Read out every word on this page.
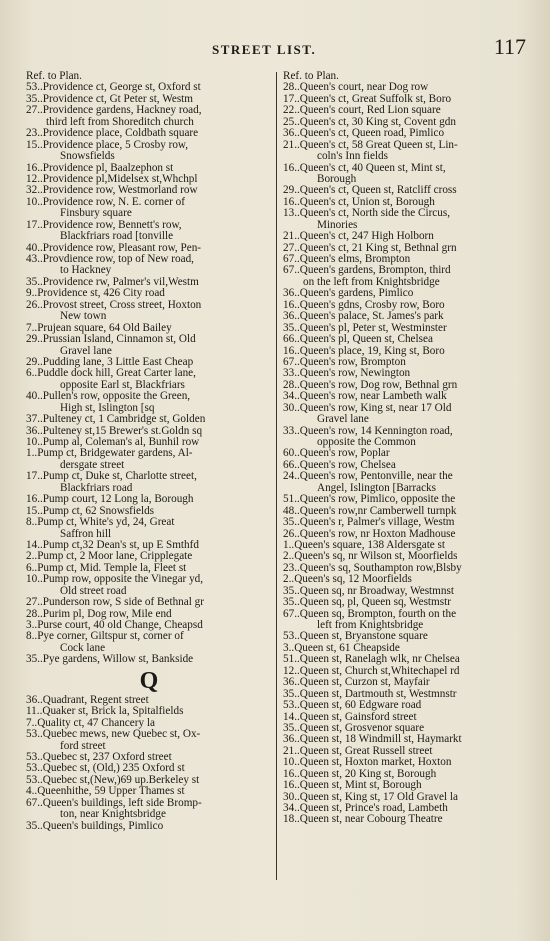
STREET LIST.	117
Ref. to Plan.
53..Providence ct, George st, Oxford st
35..Providence ct, Gt Peter st, Westm
27..Providence gardens, Hackney road,
third left from Shoreditch church
23..Providence place, Coldbath square
15..Providence place, 5 Crosby row,
Snowsfields
16..Providence pl, Baalzephon st
12..Providence pl,Midelsex st,Whchpl
32..Providence row, Westmorland row
10..Providence row, N. E. corner of
Finsbury square
17..Providence row, Bennett's row,
Blackfriars road [tonville
40..Providence row, Pleasant row, Pen-
43..Provdience row, top of New road,
to Hackney
35..Providence rw, Palmer's vil,Westm
9..Providence st, 426 City road
26..Provost street, Cross street, Hoxton
New town
7..Prujean square, 64 Old Bailey
29..Prussian Island, Cinnamon st, Old
Gravel lane
29..Pudding lane, 3 Little East Cheap
6..Puddle dock hill, Great Carter lane,
opposite Earl st, Blackfriars
40..Pullen's row, opposite the Green,
High st, Islington [sq
37..Pulteney ct, 1 Cambridge st, Golden
36..Pulteney st,15 Brewer's st.Goldn sq
10..Pump al, Coleman's al, Bunhil row
1..Pump ct, Bridgewater gardens, Al-
dersgate street
17..Pump ct, Duke st, Charlotte street,
Blackfriars road
16..Pump court, 12 Long la, Borough
15..Pump ct, 62 Snowsfields
8..Pump ct, White's yd, 24, Great
Saffron hill
14..Pump ct,32 Dean's st, up E Smthfd
2..Pump ct, 2 Moor lane, Cripplegate
6..Pump ct, Mid. Temple la, Fleet st
10..Pump row, opposite the Vinegar yd,
Old street road
27..Punderson row, S side of Bethnal gr
28..Purim pl, Dog row, Mile end
3..Purse court, 40 old Change, Cheapsd
8..Pye corner, Giltspur st, corner of
Cock lane
35..Pye gardens, Willow st, Bankside
Q
36..Quadrant, Regent street
11..Quaker st, Brick la, Spitalfields
7..Quality ct, 47 Chancery la
53..Quebec mews, new Quebec st, Ox-
ford street
53..Quebec st, 237 Oxford street
53..Quebec st, (Old,) 235 Oxford st
53..Quebec st,(New,)69 up.Berkeley st
4..Queenhithe, 59 Upper Thames st
67..Queen's buildings, left side Bromp-
ton, near Knightsbridge
35..Queen's buildings, Pimlico
Ref. to Plan.
28..Queen's court, near Dog row
17..Queen's ct, Great Suffolk st, Boro
22..Queen's court, Red Lion square
25..Queen's ct, 30 King st, Covent gdn
36..Queen's ct, Queen road, Pimlico
21..Queen's ct, 58 Great Queen st, Lin-
coln's Inn fields
16..Queen's ct, 40 Queen st, Mint st,
Borough
29..Queen's ct, Queen st, Ratcliff cross
16..Queen's ct, Union st, Borough
13..Queen's ct, North side the Circus,
Minories
21..Queen's ct, 247 High Holborn
27..Queen's ct, 21 King st, Bethnal grn
67..Queen's elms, Brompton
67..Queen's gardens, Brompton, third
on the left from Knightsbridge
36..Queen's gardens, Pimlico
16..Queen's gdns, Crosby row, Boro
36..Queen's palace, St. James's park
35..Queen's pl, Peter st, Westminster
66..Queen's pl, Queen st, Chelsea
16..Queen's place, 19, King st, Boro
67..Queen's row, Brompton
33..Queen's row, Newington
28..Queen's row, Dog row, Bethnal grn
34..Queen's row, near Lambeth walk
30..Queen's row, King st, near 17 Old
Gravel lane
33..Queen's row, 14 Kennington road,
opposite the Common
60..Queen's row, Poplar
66..Queen's row, Chelsea
24..Queen's row, Pentonville, near the
Angel, Islington [Barracks
51..Queen's row, Pimlico, opposite the
48..Queen's row,nr Camberwell turnpk
35..Queen's r, Palmer's village, Westm
26..Queen's row, nr Hoxton Madhouse
1..Queen's square, 138 Aldersgate st
2..Queen's sq, nr Wilson st, Moorfields
23..Queen's sq, Southampton row,Blsby
2..Queen's sq, 12 Moorfields
35..Queen sq, nr Broadway, Westmnst
35..Queen sq, pl, Queen sq, Westmstr
67..Queen sq, Brompton, fourth on the
left from Knightsbridge
53..Queen st, Bryanstone square
3..Queen st, 61 Cheapside
51..Queen st, Ranelagh wlk, nr Chelsea
12..Queen st, Church st,Whitechapel rd
36..Queen st, Curzon st, Mayfair
35..Queen st, Dartmouth st, Westmnstr
53..Queen st, 60 Edgware road
14..Queen st, Gainsford street
35..Queen st, Grosvenor square
36..Queen st, 18 Windmill st, Haymarkt
21..Queen st, Great Russell street
10..Queen st, Hoxton market, Hoxton
16..Queen st, 20 King st, Borough
16..Queen st, Mint st, Borough
30..Queen st, King st, 17 Old Gravel la
34..Queen st, Prince's road, Lambeth
18..Queen st, near Cobourg Theatre
